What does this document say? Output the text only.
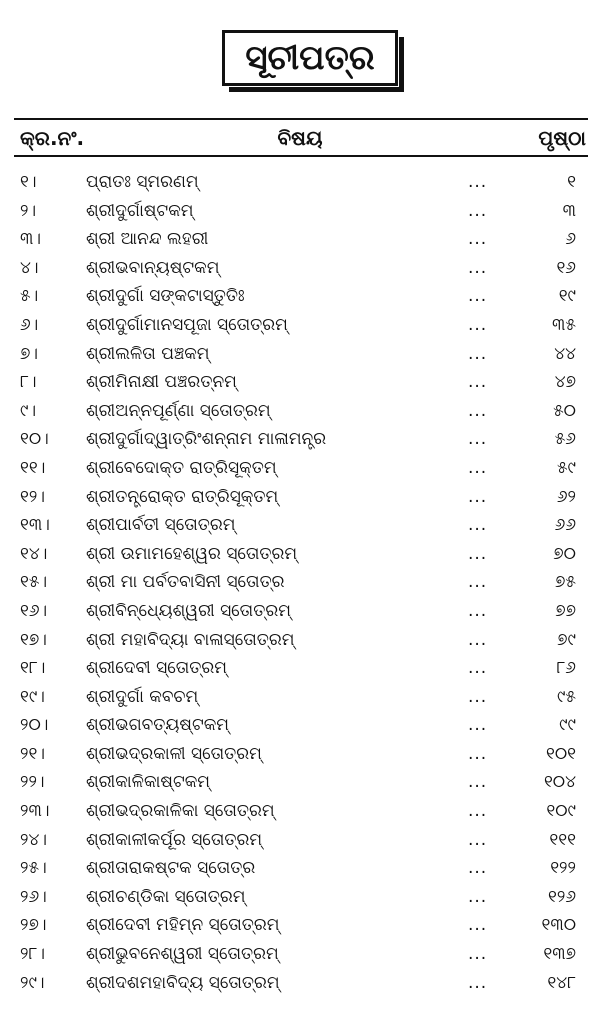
ସୂଚୀପତ୍ର
କ୍ର.ନଂ.	ବିଷୟ	ପୃଷ୍ଠା
୧।	ପ୍ରାତଃ ସ୍ମରଣମ୍	...	୧
୨।	ଶ୍ରୀଦୁର୍ଗାଷ୍ଟକମ୍	...	୩
୩।	ଶ୍ରୀ ଆନନ୍ଦ ଲହରୀ	...	୬
୪।	ଶ୍ରୀଭବାନ୍ୟଷ୍ଟକମ୍	...	୧୬
୫।	ଶ୍ରୀଦୁର୍ଗା ସଙ୍କଟାସ୍ତୁତିଃ	...	୧୯
୬।	ଶ୍ରୀଦୁର୍ଗାମାନସପୂଜା ସ୍ତୋତ୍ରମ୍	...	୩୫
୭।	ଶ୍ରୀଲଳିତା ପଞ୍ଚକମ୍	...	୪୪
୮।	ଶ୍ରୀମିନାକ୍ଷୀ ପଞ୍ଚରତ୍ନମ୍	...	୪୭
୯।	ଶ୍ରୀଅନ୍ନପୂର୍ଣ୍ଣା ସ୍ତୋତ୍ରମ୍	...	୫୦
୧୦।	ଶ୍ରୀଦୁର୍ଗାଦ୍ୱାତ୍ରିଂଶନ୍ନାମ ମାଳାମନ୍ତ୍ର	...	୫୬
୧୧।	ଶ୍ରୀବେଦୋକ୍ତ ରାତ୍ରିସୂକ୍ତମ୍	...	୫୯
୧୨।	ଶ୍ରୀତନ୍ତ୍ରୋକ୍ତ ରାତ୍ରିସୂକ୍ତମ୍	...	୬୨
୧୩।	ଶ୍ରୀପାର୍ବତୀ ସ୍ତୋତ୍ରମ୍	...	୬୬
୧୪।	ଶ୍ରୀ ଉମାମହେଶ୍ୱର ସ୍ତୋତ୍ରମ୍	...	୭୦
୧୫।	ଶ୍ରୀ ମା ପର୍ବତବାସିନୀ ସ୍ତୋତ୍ର	...	୭୫
୧୬।	ଶ୍ରୀବିନ୍ଧ୍ୟେଶ୍ୱରୀ ସ୍ତୋତ୍ରମ୍	...	୭୭
୧୭।	ଶ୍ରୀ ମହାବିଦ୍ୟା ବାଳାସ୍ତୋତ୍ରମ୍	...	୭୯
୧୮।	ଶ୍ରୀଦେବୀ ସ୍ତୋତ୍ରମ୍	...	୮୬
୧୯।	ଶ୍ରୀଦୁର୍ଗା କବଚମ୍	...	୯୫
୨୦।	ଶ୍ରୀଭଗବତ୍ୟଷ୍ଟକମ୍	...	୯୯
୨୧।	ଶ୍ରୀଭଦ୍ରକାଳୀ ସ୍ତୋତ୍ରମ୍	...	୧୦୧
୨୨।	ଶ୍ରୀକାଳିକାଷ୍ଟକମ୍	...	୧୦୪
୨୩।	ଶ୍ରୀଭଦ୍ରକାଳିକା ସ୍ତୋତ୍ରମ୍	...	୧୦୯
୨୪।	ଶ୍ରୀକାଳୀକର୍ପୂର ସ୍ତୋତ୍ରମ୍	...	୧୧୧
୨୫।	ଶ୍ରୀତାରାକଷ୍ଟକ ସ୍ତୋତ୍ର	...	୧୨୨
୨୬।	ଶ୍ରୀଚଣ୍ଡିକା ସ୍ତୋତ୍ରମ୍	...	୧୨୬
୨୭।	ଶ୍ରୀଦେବୀ ମହିମ୍ନ ସ୍ତୋତ୍ରମ୍	...	୧୩୦
୨୮।	ଶ୍ରୀଭୁବନେଶ୍ୱରୀ ସ୍ତୋତ୍ରମ୍	...	୧୩୭
୨୯।	ଶ୍ରୀଦଶମହାବିଦ୍ୟ ସ୍ତୋତ୍ରମ୍	...	୧୪୮
